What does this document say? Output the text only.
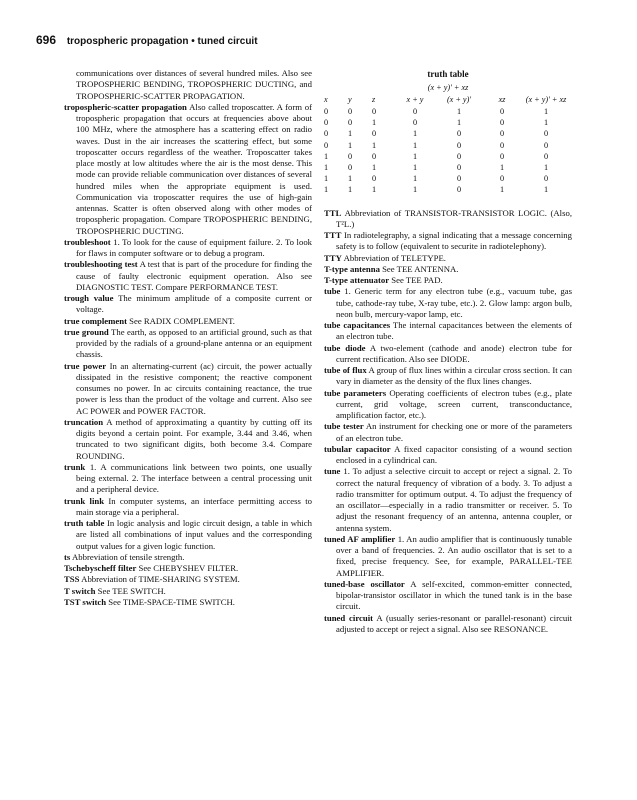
696 tropospheric propagation • tuned circuit

communications over distances of several hundred miles. Also see TROPOSPHERIC BENDING, TROPOSPHERIC DUCTING, and TROPOSPHERIC-SCATTER PROPAGATION.

tropospheric-scatter propagation Also called troposcatter. A form of tropospheric propagation that occurs at frequencies above about 100 MHz, where the atmosphere has a scattering effect on radio waves. Dust in the air increases the scattering effect, but some troposcatter occurs regardless of the weather. Troposcatter takes place mostly at low altitudes where the air is the most dense. This mode can provide reliable communication over distances of several hundred miles when the appropriate equipment is used. Communication via troposcatter requires the use of high-gain antennas. Scatter is often observed along with other modes of tropospheric propagation. Compare TROPOSPHERIC BENDING, TROPOSPHERIC DUCTING.

troubleshoot 1. To look for the cause of equipment failure. 2. To look for flaws in computer software or to debug a program.

troubleshooting test A test that is part of the procedure for finding the cause of faulty electronic equipment operation. Also see DIAGNOSTIC TEST. Compare PERFORMANCE TEST.

trough value The minimum amplitude of a composite current or voltage.

true complement See RADIX COMPLEMENT.

true ground The earth, as opposed to an artificial ground, such as that provided by the radials of a ground-plane antenna or an equipment chassis.

true power In an alternating-current (ac) circuit, the power actually dissipated in the resistive component; the reactive component consumes no power. In ac circuits containing reactance, the true power is less than the product of the voltage and current. Also see AC POWER and POWER FACTOR.

truncation A method of approximating a quantity by cutting off its digits beyond a certain point. For example, 3.44 and 3.46, when truncated to two significant digits, both become 3.4. Compare ROUNDING.

trunk 1. A communications link between two points, one usually being external. 2. The interface between a central processing unit and a peripheral device.

trunk link In computer systems, an interface permitting access to main storage via a peripheral.

truth table In logic analysis and logic circuit design, a table in which are listed all combinations of input values and the corresponding output values for a given logic function.

ts Abbreviation of tensile strength.

Tschebyscheff filter See CHEBYSHEV FILTER.

TSS Abbreviation of TIME-SHARING SYSTEM.

T switch See TEE SWITCH.

TST switch See TIME-SPACE-TIME SWITCH.

truth table
(x + y)' + xz
x	y	z	x + y	(x + y)'	xz	(x + y)' + xz
0	0	0	0	1	0	1
0	0	1	0	1	0	1
0	1	0	1	0	0	0
0	1	1	1	0	0	0
1	0	0	1	0	0	0
1	0	1	1	0	1	1
1	1	0	1	0	0	0
1	1	1	1	0	1	1

TTL Abbreviation of TRANSISTOR-TRANSISTOR LOGIC. (Also, T²L.)

TTT In radiotelegraphy, a signal indicating that a message concerning safety is to follow (equivalent to securite in radiotelephony).

TTY Abbreviation of TELETYPE.

T-type antenna See TEE ANTENNA.

T-type attenuator See TEE PAD.

tube 1. Generic term for any electron tube (e.g., vacuum tube, gas tube, cathode-ray tube, X-ray tube, etc.). 2. Glow lamp: argon bulb, neon bulb, mercury-vapor lamp, etc.

tube capacitances The internal capacitances between the elements of an electron tube.

tube diode A two-element (cathode and anode) electron tube for current rectification. Also see DIODE.

tube of flux A group of flux lines within a circular cross section. It can vary in diameter as the density of the flux lines changes.

tube parameters Operating coefficients of electron tubes (e.g., plate current, grid voltage, screen current, transconductance, amplification factor, etc.).

tube tester An instrument for checking one or more of the parameters of an electron tube.

tubular capacitor A fixed capacitor consisting of a wound section enclosed in a cylindrical can.

tune 1. To adjust a selective circuit to accept or reject a signal. 2. To correct the natural frequency of vibration of a body. 3. To adjust a radio transmitter for optimum output. 4. To adjust the frequency of an oscillator—especially in a radio transmitter or receiver. 5. To adjust the resonant frequency of an antenna, antenna coupler, or antenna system.

tuned AF amplifier 1. An audio amplifier that is continuously tunable over a band of frequencies. 2. An audio oscillator that is set to a fixed, precise frequency. See, for example, PARALLEL-TEE AMPLIFIER.

tuned-base oscillator A self-excited, common-emitter connected, bipolar-transistor oscillator in which the tuned tank is in the base circuit.

tuned circuit A (usually series-resonant or parallel-resonant) circuit adjusted to accept or reject a signal. Also see RESONANCE.
